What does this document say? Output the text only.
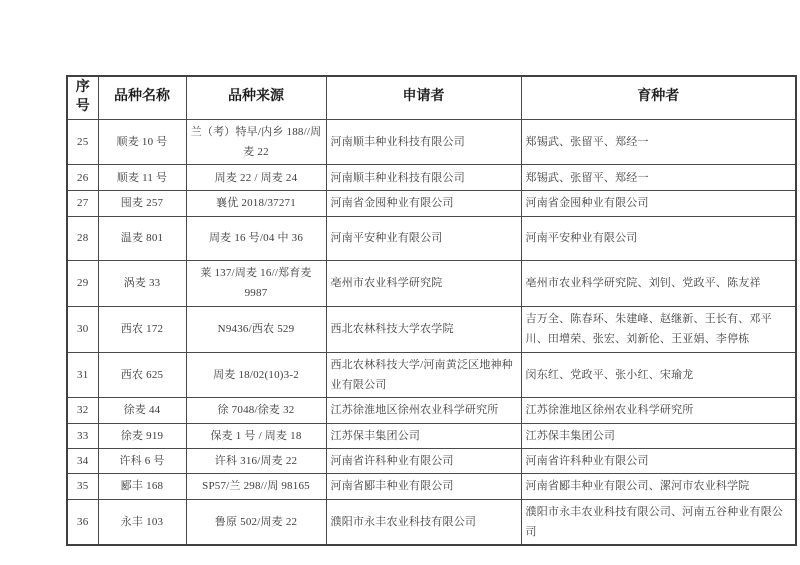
序号	品种名称	品种来源	申请者	育种者
25	顺麦 10 号	兰（考）特早/内乡 188//周麦 22	河南顺丰种业科技有限公司	郑锡武、张留平、郑经一
26	顺麦 11 号	周麦 22 / 周麦 24	河南顺丰种业科技有限公司	郑锡武、张留平、郑经一
27	囤麦 257	襄优 2018/37271	河南省金囤种业有限公司	河南省金囤种业有限公司
28	温麦 801	周麦 16 号/04 中 36	河南平安种业有限公司	河南平安种业有限公司
29	涡麦 33	莱 137/周麦 16//郑育麦 9987	亳州市农业科学研究院	亳州市农业科学研究院、刘钊、党政平、陈友祥
30	西农 172	N9436/西农 529	西北农林科技大学农学院	吉万全、陈春环、朱建峰、赵继新、王长有、邓平川、田增荣、张宏、刘新伦、王亚娟、李停栋
31	西农 625	周麦 18/02(10)3-2	西北农林科技大学/河南黄泛区地神种业有限公司	闵东红、党政平、张小红、宋瑜龙
32	徐麦 44	徐 7048/徐麦 32	江苏徐淮地区徐州农业科学研究所	江苏徐淮地区徐州农业科学研究所
33	徐麦 919	保麦 1 号 / 周麦 18	江苏保丰集团公司	江苏保丰集团公司
34	许科 6 号	许科 316/周麦 22	河南省许科种业有限公司	河南省许科种业有限公司
35	郾丰 168	SP57/兰 298//周 98165	河南省郾丰种业有限公司	河南省郾丰种业有限公司、漯河市农业科学院
36	永丰 103	鲁原 502/周麦 22	濮阳市永丰农业科技有限公司	濮阳市永丰农业科技有限公司、河南五谷种业有限公司
